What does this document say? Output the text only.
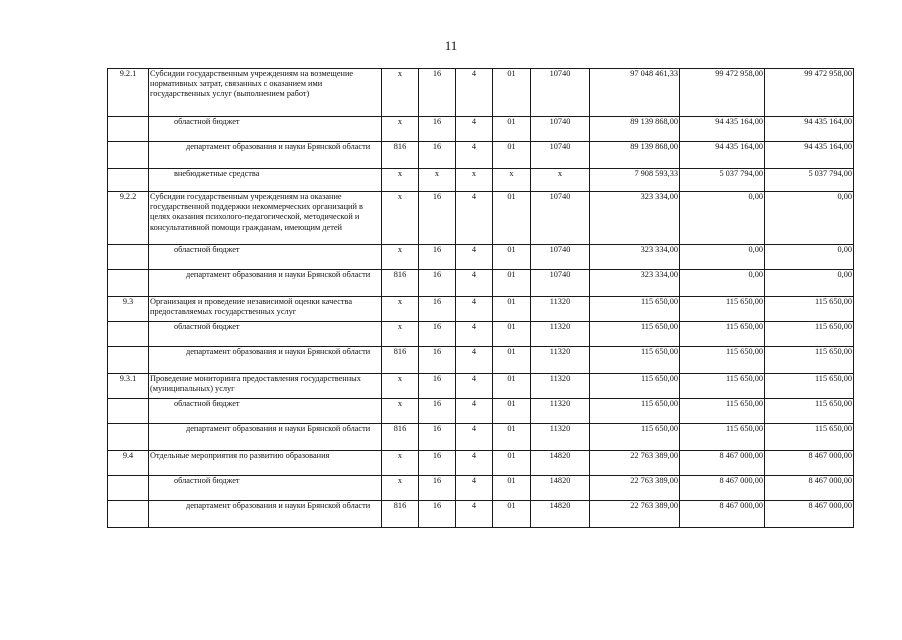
11
9.2.1	Субсидии государственным учреждениям на возмещение нормативных затрат, связанных с оказанием ими государственных услуг (выполнением работ)	х	16	4	01	10740	97 048 461,33	99 472 958,00	99 472 958,00
	областной бюджет	х	16	4	01	10740	89 139 868,00	94 435 164,00	94 435 164,00

	департамент образования и науки Брянской области	816	16	4	01	10740	89 139 868,00	94 435 164,00	94 435 164,00
	внебюджетные средства	х	х	х	х	х	7 908 593,33	5 037 794,00	5 037 794,00
9.2.2	Субсидии государственным учреждениям на оказание государственной поддержки некоммерческих организаций в целях оказания психолого-педагогической, методической и консультативной помощи гражданам, имеющим детей	х	16	4	01	10740	323 334,00	0,00	0,00
	областной бюджет	х	16	4	01	10740	323 334,00	0,00	0,00

	департамент образования и науки Брянской области	816	16	4	01	10740	323 334,00	0,00	0,00
9.3	Организация и проведение независимой оценки качества предоставляемых государственных услуг	х	16	4	01	11320	115 650,00	115 650,00	115 650,00
	областной бюджет	х	16	4	01	11320	115 650,00	115 650,00	115 650,00

	департамент образования и науки Брянской области	816	16	4	01	11320	115 650,00	115 650,00	115 650,00
9.3.1	Проведение мониторинга предоставления государственных (муниципальных) услуг	х	16	4	01	11320	115 650,00	115 650,00	115 650,00
	областной бюджет	х	16	4	01	11320	115 650,00	115 650,00	115 650,00

	департамент образования и науки Брянской области	816	16	4	01	11320	115 650,00	115 650,00	115 650,00
9.4	Отдельные мероприятия по развитию образования	х	16	4	01	14820	22 763 389,00	8 467 000,00	8 467 000,00
	областной бюджет	х	16	4	01	14820	22 763 389,00	8 467 000,00	8 467 000,00

	департамент образования и науки Брянской области	816	16	4	01	14820	22 763 389,00	8 467 000,00	8 467 000,00
